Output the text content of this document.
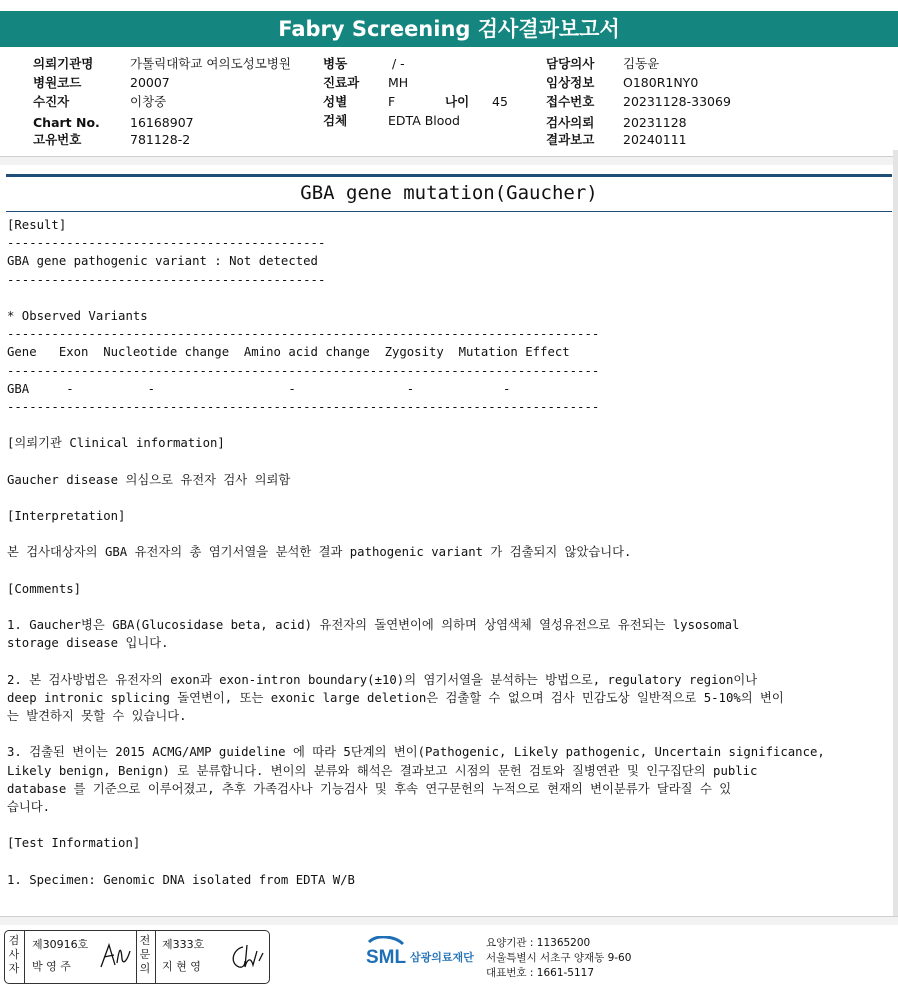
Fabry Screening 검사결과보고서
의뢰기관명	가톨릭대학교 여의도성모병원
병원코드	20007
수진자	이창중
Chart No. 16168907
고유번호	781128-2
병동	/ -
진료과 MH
성별	F	나이 45
검체	EDTA Blood
담당의사 김동윤
임상정보 O180R1NY0
접수번호 20231128-33069
검사의뢰 20231128
결과보고 20240111
GBA gene mutation(Gaucher)
[Result]
-------------------------------------------
GBA gene pathogenic variant : Not detected
-------------------------------------------
* Observed Variants
--------------------------------------------------------------------------------
Gene   Exon  Nucleotide change  Amino acid change  Zygosity  Mutation Effect
--------------------------------------------------------------------------------
GBA     -          -                  -               -            -
--------------------------------------------------------------------------------
[의뢰기관 Clinical information]
Gaucher disease 의심으로 유전자 검사 의뢰함
[Interpretation]
본 검사대상자의 GBA 유전자의 총 염기서열을 분석한 결과 pathogenic variant 가 검출되지 않았습니다.
[Comments]
1. Gaucher병은 GBA(Glucosidase beta, acid) 유전자의 돌연변이에 의하며 상염색체 열성유전으로 유전되는 lysosomal
storage disease 입니다.
2. 본 검사방법은 유전자의 exon과 exon-intron boundary(±10)의 염기서열을 분석하는 방법으로, regulatory region이나
deep intronic splicing 돌연변이, 또는 exonic large deletion은 검출할 수 없으며 검사 민감도상 일반적으로 5-10%의 변이
는 발견하지 못할 수 있습니다.
3. 검출된 변이는 2015 ACMG/AMP guideline 에 따라 5단계의 변이(Pathogenic, Likely pathogenic, Uncertain significance,
Likely benign, Benign) 로 분류합니다. 변이의 분류와 해석은 결과보고 시점의 문헌 검토와 질병연관 및 인구집단의 public
database 를 기준으로 이루어졌고, 추후 가족검사나 기능검사 및 후속 연구문헌의 누적으로 현재의 변이분류가 달라질 수 있
습니다.
[Test Information]
1. Specimen: Genomic DNA isolated from EDTA W/B
검
사
자
제30916호
박 영 주
전
문
의
제333호
지 현 영	SML 삼광의료재단
요양기관 : 11365200
서울특별시 서초구 양재동 9-60
대표번호 : 1661-5117
